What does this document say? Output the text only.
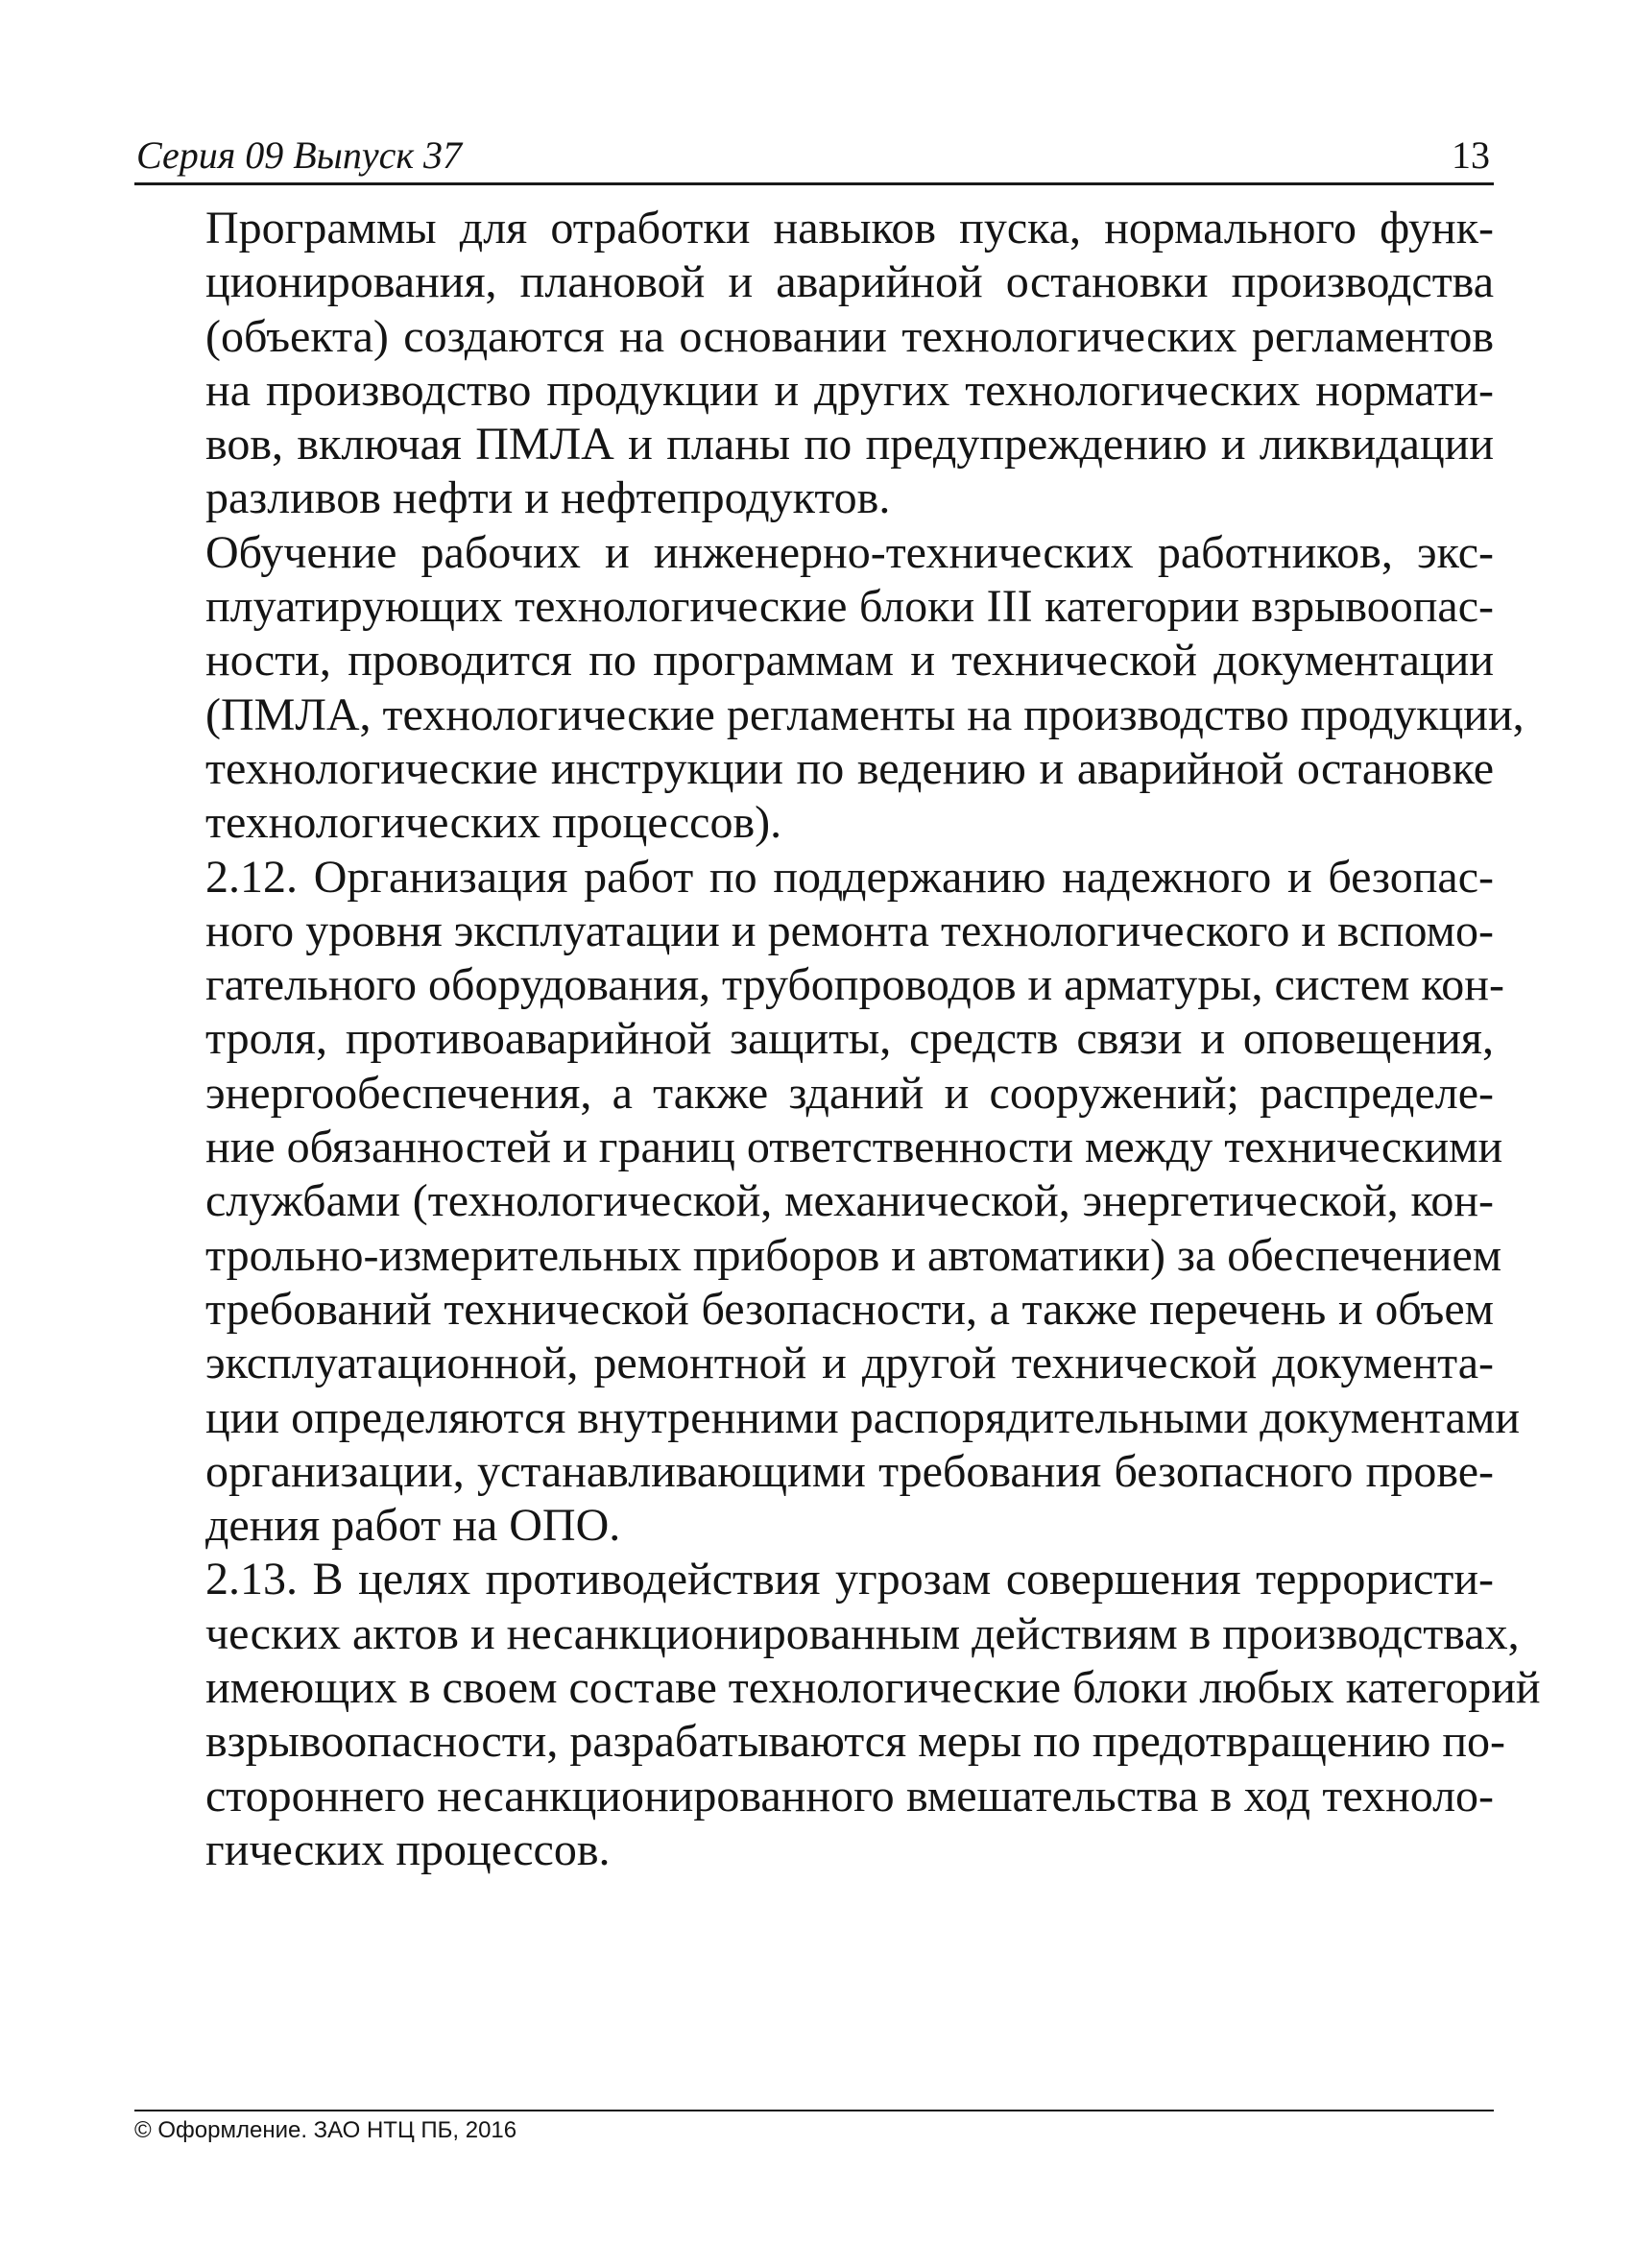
Серия 09 Выпуск 37	13

Программы для отработки навыков пуска, нормального функ-
ционирования, плановой и аварийной остановки производства
(объекта) создаются на основании технологических регламентов
на производство продукции и других технологических нормати-
вов, включая ПМЛА и планы по предупреждению и ликвидации
разливов нефти и нефтепродуктов.

Обучение рабочих и инженерно-технических работников, экс-
плуатирующих технологические блоки III категории взрывоопас-
ности, проводится по программам и технической документации
(ПМЛА, технологические регламенты на производство продукции,
технологические инструкции по ведению и аварийной остановке
технологических процессов).

2.12. Организация работ по поддержанию надежного и безопас-
ного уровня эксплуатации и ремонта технологического и вспомо-
гательного оборудования, трубопроводов и арматуры, систем кон-
троля, противоаварийной защиты, средств связи и оповещения,
энергообеспечения, а также зданий и сооружений; распределе-
ние обязанностей и границ ответственности между техническими
службами (технологической, механической, энергетической, кон-
трольно-измерительных приборов и автоматики) за обеспечением
требований технической безопасности, а также перечень и объем
эксплуатационной, ремонтной и другой технической документа-
ции определяются внутренними распорядительными документами
организации, устанавливающими требования безопасного прове-
дения работ на ОПО.

2.13. В целях противодействия угрозам совершения террористи-
ческих актов и несанкционированным действиям в производствах,
имеющих в своем составе технологические блоки любых категорий
взрывоопасности, разрабатываются меры по предотвращению по-
стороннего несанкционированного вмешательства в ход техноло-
гических процессов.

© Оформление. ЗАО НТЦ ПБ, 2016
